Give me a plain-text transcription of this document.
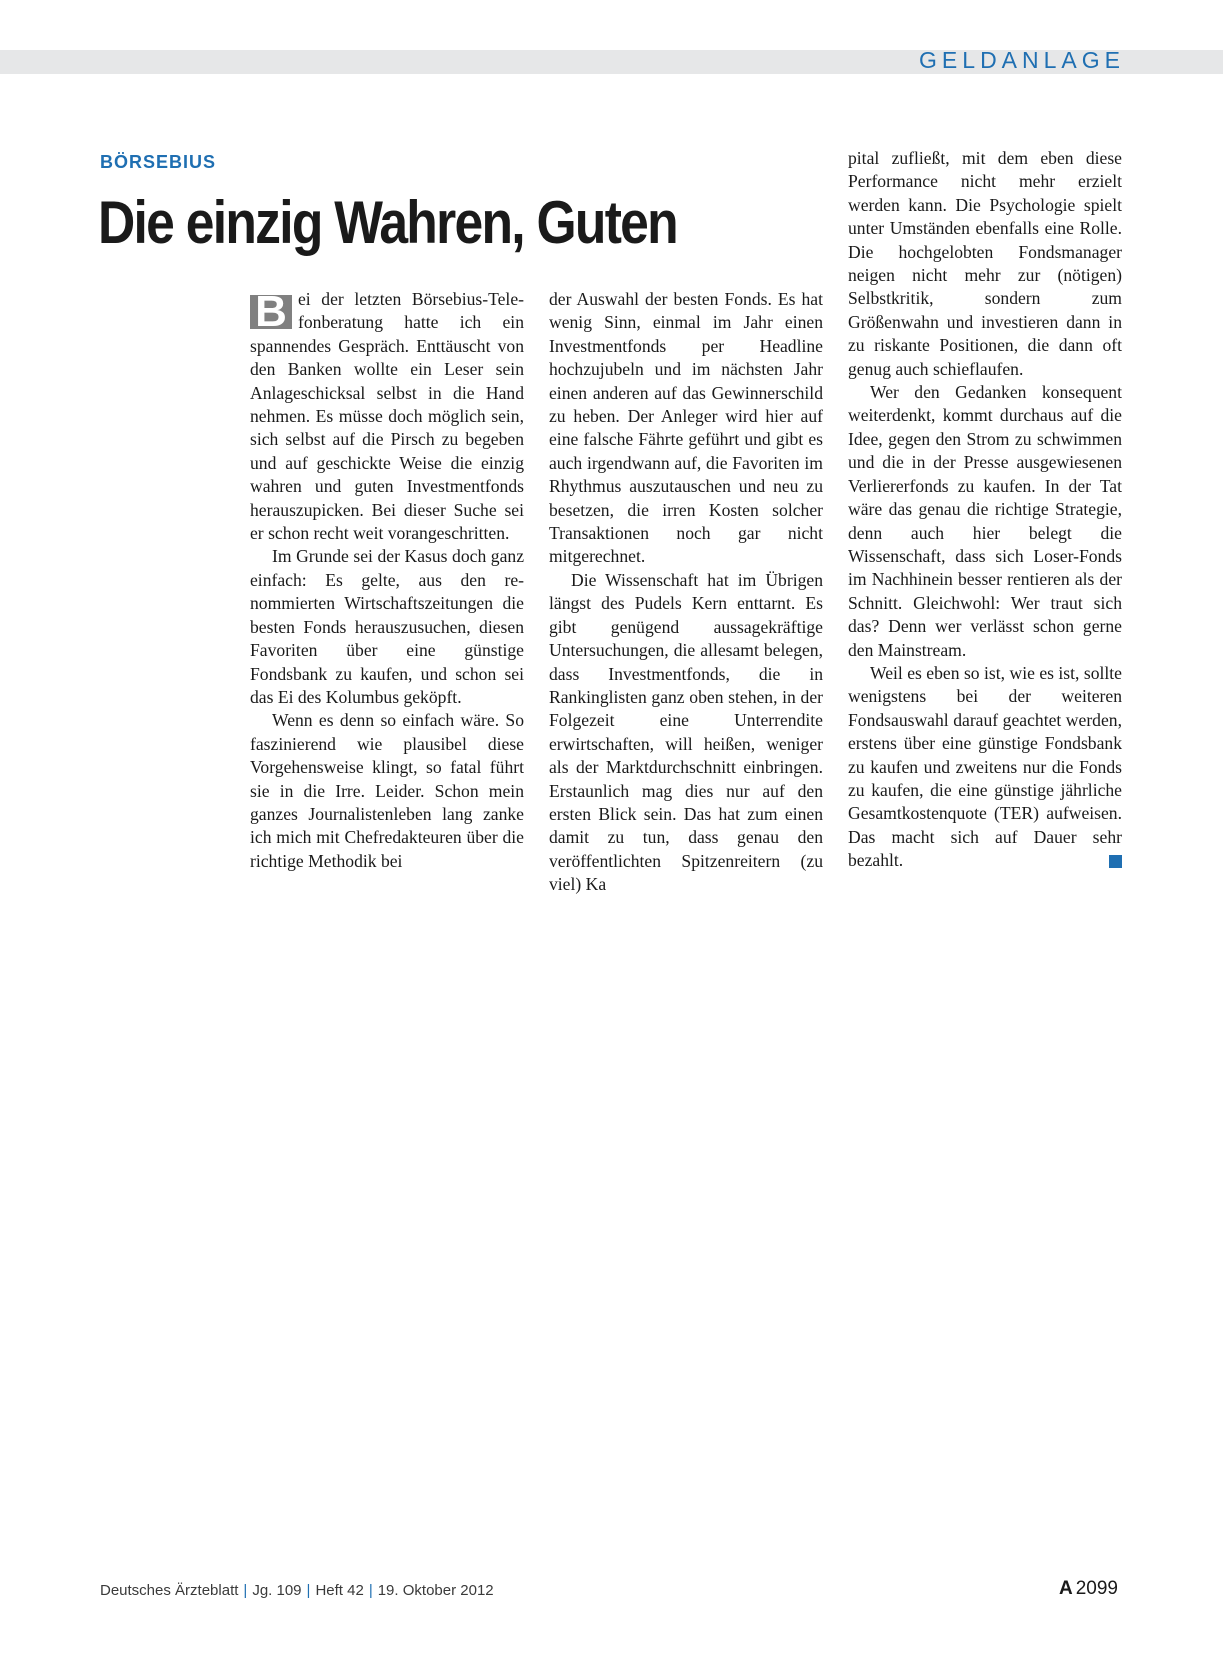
GELDANLAGE
BÖRSEBIUS
Die einzig Wahren, Guten

B ei der letzten Börsebius-Telefonberatung hatte ich ein spannendes Gespräch. Enttäuscht von den Banken wollte ein Leser sein Anlageschicksal selbst in die Hand nehmen. Es müsse doch möglich sein, sich selbst auf die Pirsch zu begeben und auf geschickte Weise die einzig wahren und guten Investmentfonds herauszupicken. Bei dieser Suche sei er schon recht weit vorangeschritten.

Im Grunde sei der Kasus doch ganz einfach: Es gelte, aus den renommierten Wirtschaftszeitungen die besten Fonds herauszusuchen, diesen Favoriten über eine günstige Fondsbank zu kaufen, und schon sei das Ei des Kolumbus geköpft.

Wenn es denn so einfach wäre. So faszinierend wie plausibel diese Vorgehensweise klingt, so fatal führt sie in die Irre. Leider. Schon mein ganzes Journalistenleben lang zanke ich mich mit Chefredakteuren über die richtige Methodik bei

der Auswahl der besten Fonds. Es hat wenig Sinn, einmal im Jahr einen Investmentfonds per Headline hochzujubeln und im nächsten Jahr einen anderen auf das Gewinnerschild zu heben. Der Anleger wird hier auf eine falsche Fährte geführt und gibt es auch irgendwann auf, die Favoriten im Rhythmus auszutauschen und neu zu besetzen, die irren Kosten solcher Transaktionen noch gar nicht mitgerechnet.

Die Wissenschaft hat im Übrigen längst des Pudels Kern enttarnt. Es gibt genügend aussagekräftige Untersuchungen, die allesamt belegen, dass Investmentfonds, die in Rankinglisten ganz oben stehen, in der Folgezeit eine Unterrendite erwirtschaften, will heißen, weniger als der Marktdurchschnitt einbringen. Erstaunlich mag dies nur auf den ersten Blick sein. Das hat zum einen damit zu tun, dass genau den veröffentlichten Spitzenreitern (zu viel) Ka

pital zufließt, mit dem eben diese Performance nicht mehr erzielt werden kann. Die Psychologie spielt unter Umständen ebenfalls eine Rolle. Die hochgelobten Fondsmanager neigen nicht mehr zur (nötigen) Selbstkritik, sondern zum Größenwahn und investieren dann in zu riskante Positionen, die dann oft genug auch schieflaufen.

Wer den Gedanken konsequent weiterdenkt, kommt durchaus auf die Idee, gegen den Strom zu schwimmen und die in der Presse ausgewiesenen Verliererfonds zu kaufen. In der Tat wäre das genau die richtige Strategie, denn auch hier belegt die Wissenschaft, dass sich Loser-Fonds im Nachhinein besser rentieren als der Schnitt. Gleichwohl: Wer traut sich das? Denn wer verlässt schon gerne den Mainstream.

Weil es eben so ist, wie es ist, sollte wenigstens bei der weiteren Fondsauswahl darauf geachtet werden, erstens über eine günstige Fondsbank zu kaufen und zweitens nur die Fonds zu kaufen, die eine günstige jährliche Gesamtkostenquote (TER) aufweisen. Das macht sich auf Dauer sehr bezahlt.

Deutsches Ärzteblatt | Jg. 109 | Heft 42 | 19. Oktober 2012	A 2099
